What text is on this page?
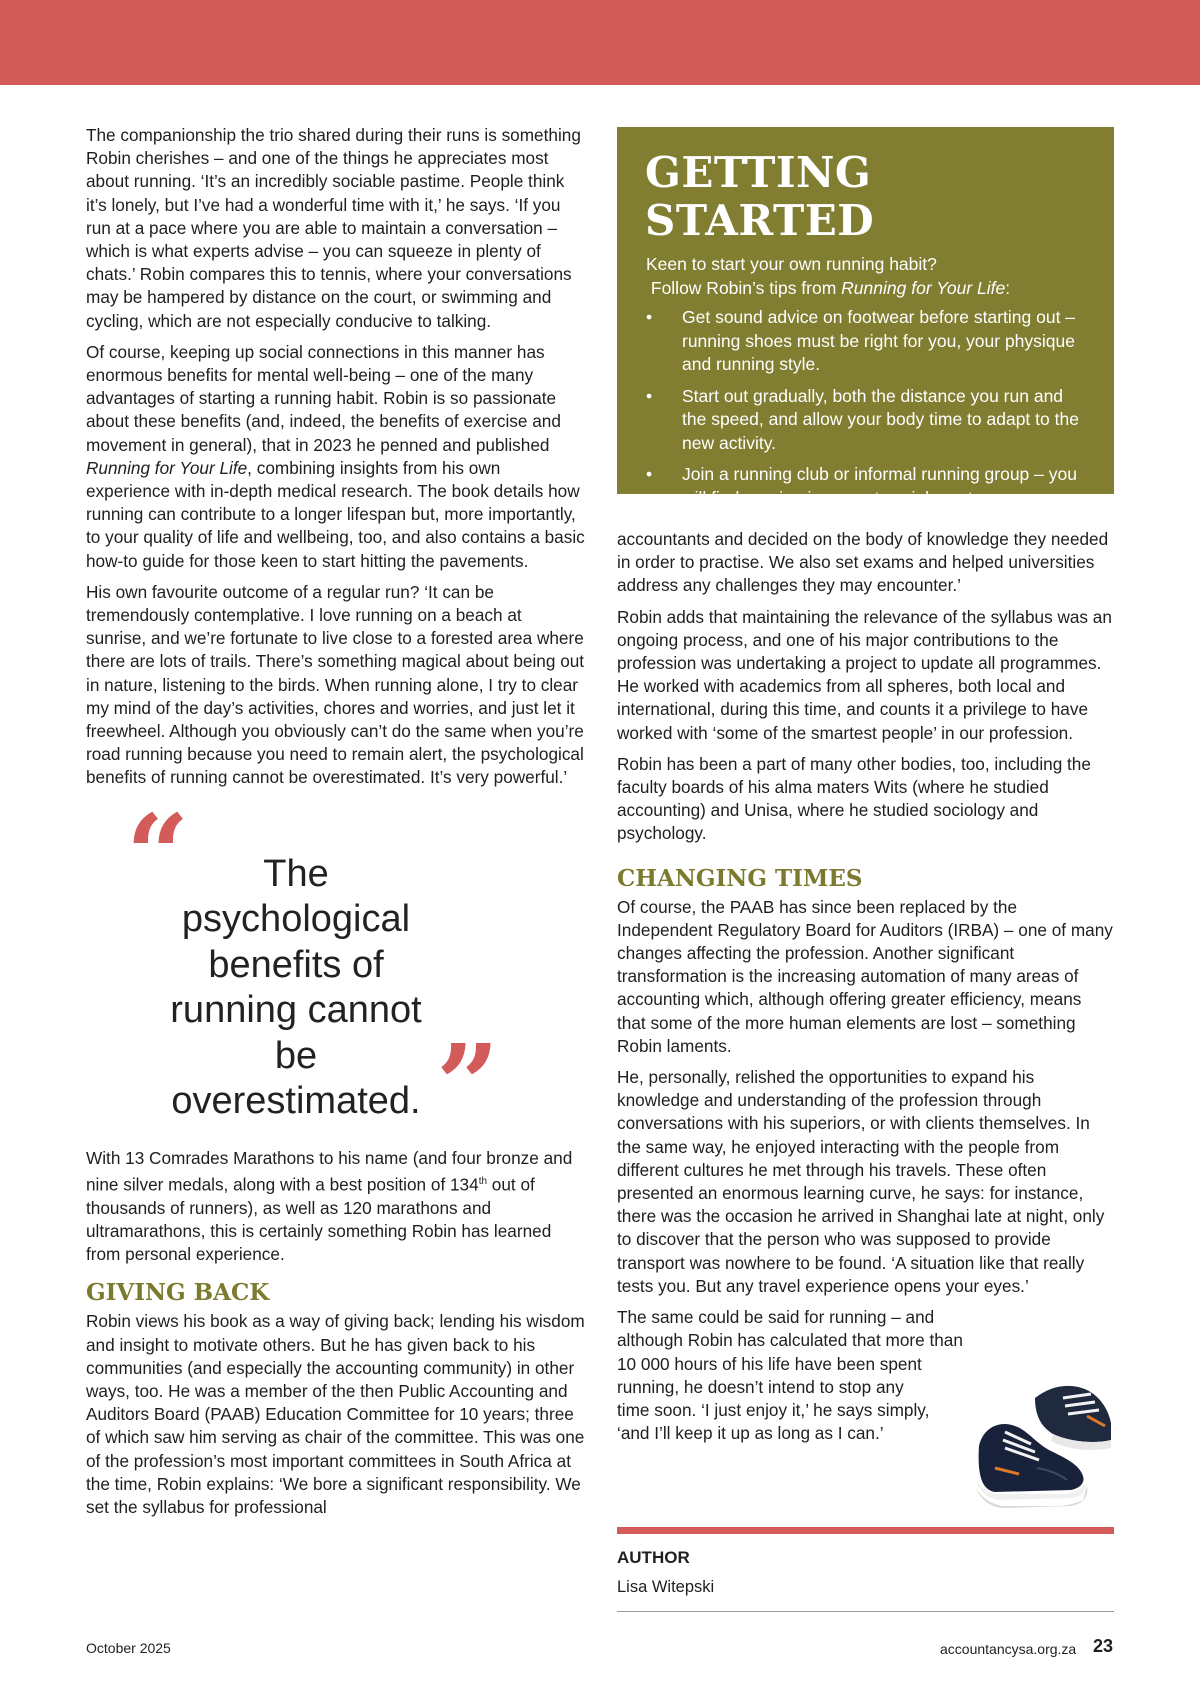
The companionship the trio shared during their runs is something Robin cherishes – and one of the things he appreciates most about running. ‘It’s an incredibly sociable pastime. People think it’s lonely, but I’ve had a wonderful time with it,’ he says. ‘If you run at a pace where you are able to maintain a conversation – which is what experts advise – you can squeeze in plenty of chats.’ Robin compares this to tennis, where your conversations may be hampered by distance on the court, or swimming and cycling, which are not especially conducive to talking.

Of course, keeping up social connections in this manner has enormous benefits for mental well-being – one of the many advantages of starting a running habit. Robin is so passionate about these benefits (and, indeed, the benefits of exercise and movement in general), that in 2023 he penned and published Running for Your Life, combining insights from his own experience with in-depth medical research. The book details how running can contribute to a longer lifespan but, more importantly, to your quality of life and wellbeing, too, and also contains a basic how-to guide for those keen to start hitting the pavements.

His own favourite outcome of a regular run? ‘It can be tremendously contemplative. I love running on a beach at sunrise, and we’re fortunate to live close to a forested area where there are lots of trails. There’s something magical about being out in nature, listening to the birds. When running alone, I try to clear my mind of the day’s activities, chores and worries, and just let it freewheel. Although you obviously can’t do the same when you’re road running because you need to remain alert, the psychological benefits of running cannot be overestimated. It’s very powerful.’

“	The psychological benefits of running cannot be overestimated. ”

With 13 Comrades Marathons to his name (and four bronze and nine silver medals, along with a best position of 134th out of thousands of runners), as well as 120 marathons and ultramarathons, this is certainly something Robin has learned from personal experience.

GIVING BACK

Robin views his book as a way of giving back; lending his wisdom and insight to motivate others. But he has given back to his communities (and especially the accounting community) in other ways, too. He was a member of the then Public Accounting and Auditors Board (PAAB) Education Committee for 10 years; three of which saw him serving as chair of the committee. This was one of the profession’s most important committees in South Africa at the time, Robin explains: ‘We bore a significant responsibility. We set the syllabus for professional

GETTING STARTED
Keen to start your own running habit?
Follow Robin’s tips from Running for Your Life:
• Get sound advice on footwear before starting out – running shoes must be right for you, your physique and running style.
• Start out gradually, both the distance you run and the speed, and allow your body time to adapt to the new activity.
• Join a running club or informal running group – you will find running is a great social sport.

accountants and decided on the body of knowledge they needed in order to practise. We also set exams and helped universities address any challenges they may encounter.’

Robin adds that maintaining the relevance of the syllabus was an ongoing process, and one of his major contributions to the profession was undertaking a project to update all programmes. He worked with academics from all spheres, both local and international, during this time, and counts it a privilege to have worked with ‘some of the smartest people’ in our profession.

Robin has been a part of many other bodies, too, including the faculty boards of his alma maters Wits (where he studied accounting) and Unisa, where he studied sociology and psychology.

CHANGING TIMES

Of course, the PAAB has since been replaced by the Independent Regulatory Board for Auditors (IRBA) – one of many changes affecting the profession. Another significant transformation is the increasing automation of many areas of accounting which, although offering greater efficiency, means that some of the more human elements are lost – something Robin laments.

He, personally, relished the opportunities to expand his knowledge and understanding of the profession through conversations with his superiors, or with clients themselves. In the same way, he enjoyed interacting with the people from different cultures he met through his travels. These often presented an enormous learning curve, he says: for instance, there was the occasion he arrived in Shanghai late at night, only to discover that the person who was supposed to provide transport was nowhere to be found. ‘A situation like that really tests you. But any travel experience opens your eyes.’

The same could be said for running – and
although Robin has calculated that more than
10 000 hours of his life have been spent
running, he doesn’t intend to stop any
time soon. ‘I just enjoy it,’ he says simply,
‘and I’ll keep it up as long as I can.’

AUTHOR
Lisa Witepski
October 2025	accountancysa.org.za 23
